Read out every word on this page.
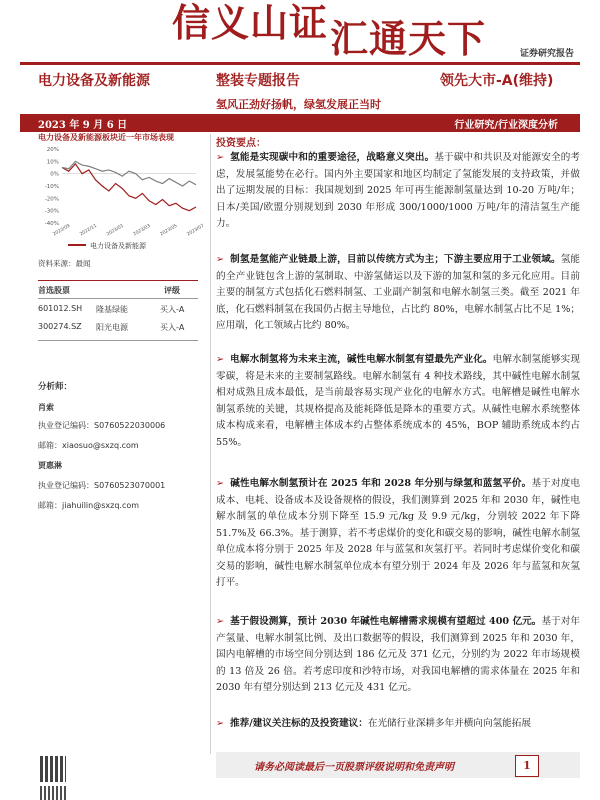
信义山证 汇通天下	证券研究报告
电力设备及新能源	整装专题报告	领先大市-A(维持)
氢风正劲好扬帆，绿氢发展正当时
2023 年 9 月 6 日	行业研究/行业深度分析
电力设备及新能源板块近一年市场表现
20%
10%
0%
-10%
-20%
-30%
-40%
2022/09 2022/11 2023/01 2023/03 2023/05 2023/07
电力设备及新能源
资料来源：最闻
首选股票	评级
601012.SH 隆基绿能	买入-A
300274.SZ 阳光电源	买入-A
分析师：
肖索
执业登记编码：S0760522030006
邮箱：xiaosuo@sxzq.com
贾惠淋
执业登记编码：S0760523070001
邮箱：jiahuilin@sxzq.com
投资要点：
➢ 氢能是实现碳中和的重要途径，战略意义突出。基于碳中和共识及对能源安全的考虑，发展氢能势在必行。国内外主要国家和地区均制定了氢能发展的支持政策，并做出了远期发展的目标：我国规划到 2025 年可再生能源制氢量达到 10-20 万吨/年；日本/美国/欧盟分别规划到 2030 年形成 300/1000/1000 万吨/年的清洁氢生产能力。
➢ 制氢是氢能产业链最上游，目前以传统方式为主；下游主要应用于工业领域。氢能的全产业链包含上游的氢制取、中游氢储运以及下游的加氢和氢的多元化应用。目前主要的制氢方式包括化石燃料制氢、工业副产制氢和电解水制氢三类。截至 2021 年底，化石燃料制氢在我国仍占据主导地位，占比约 80%，电解水制氢占比不足 1%；应用端，化工领域占比约 80%。
➢ 电解水制氢将为未来主流，碱性电解水制氢有望最先产业化。电解水制氢能够实现零碳，将是未来的主要制氢路线。电解水制氢有 4 种技术路线，其中碱性电解水制氢相对成熟且成本最低，是当前最容易实现产业化的电解水方式。电解槽是碱性电解水制氢系统的关键，其规格提高及能耗降低是降本的重要方式。从碱性电解水系统整体成本构成来看，电解槽主体成本约占整体系统成本的 45%，BOP 辅助系统成本约占 55%。
➢ 碱性电解水制氢预计在 2025 年和 2028 年分别与绿氢和蓝氢平价。基于对度电成本、电耗、设备成本及设备规格的假设，我们测算到 2025 年和 2030 年，碱性电解水制氢的单位成本分别下降至 15.9 元/kg 及 9.9 元/kg，分别较 2022 年下降 51.7%及 66.3%。基于测算，若不考虑煤价的变化和碳交易的影响，碱性电解水制氢单位成本将分别于 2025 年及 2028 年与蓝氢和灰氢打平。若同时考虑煤价变化和碳交易的影响，碱性电解水制氢单位成本有望分别于 2024 年及 2026 年与蓝氢和灰氢打平。
➢ 基于假设测算，预计 2030 年碱性电解槽需求规模有望超过 400 亿元。基于对年产氢量、电解水制氢比例、及出口数据等的假设，我们测算到 2025 年和 2030 年，国内电解槽的市场空间分别达到 186 亿元及 371 亿元，分别约为 2022 年市场规模的 13 倍及 26 倍。若考虑印度和沙特市场，对我国电解槽的需求体量在 2025 年和 2030 年有望分别达到 213 亿元及 431 亿元。
➢ 推荐/建议关注标的及投资建议：在光储行业深耕多年并横向向氢能拓展
请务必阅读最后一页股票评级说明和免责声明	1
